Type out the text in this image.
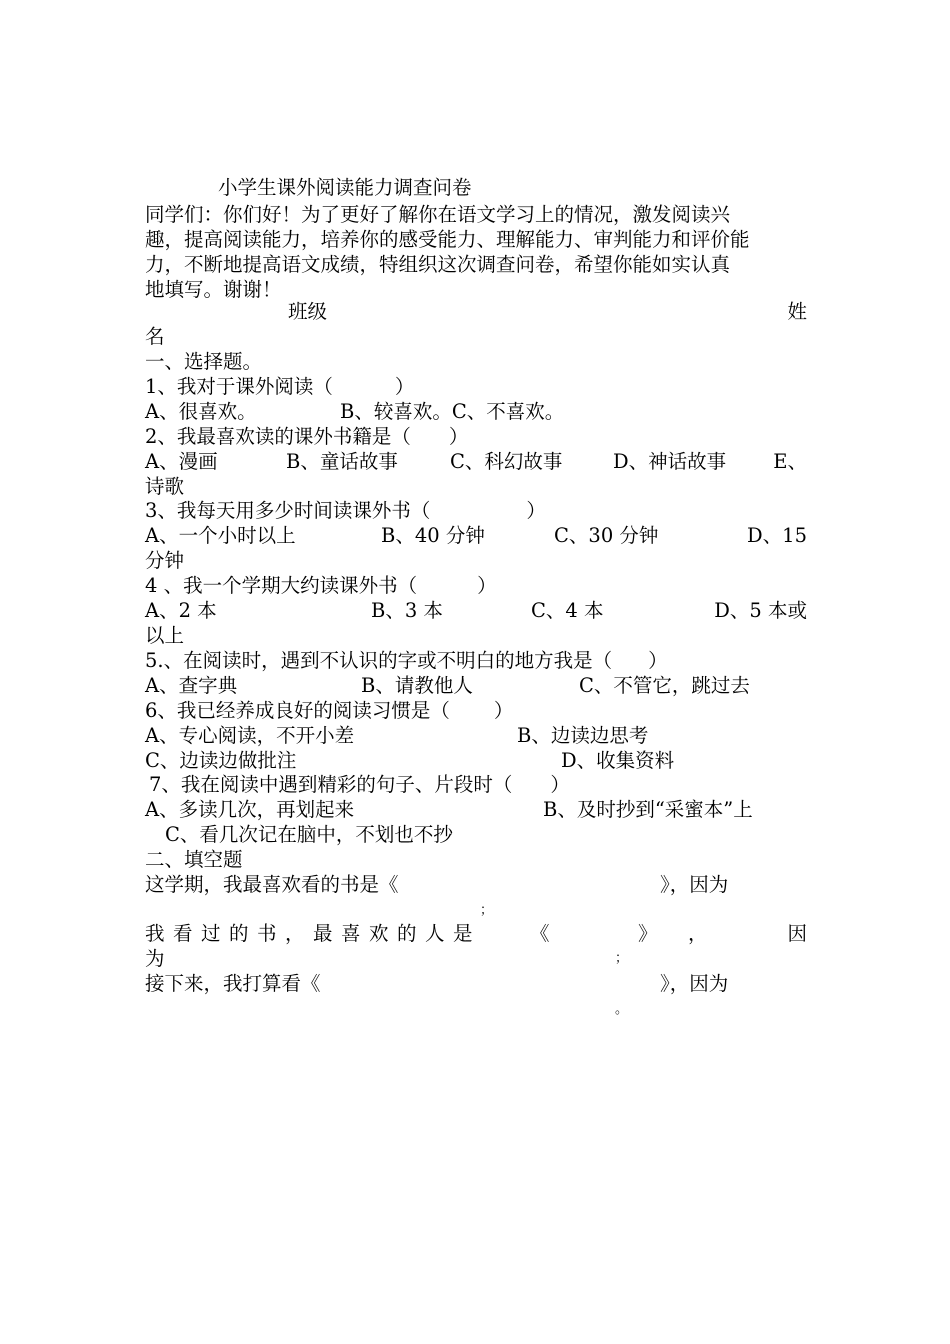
小学生课外阅读能力调查问卷
同学们：你们好！为了更好了解你在语文学习上的情况，激发阅读兴
趣，提高阅读能力，培养你的感受能力、理解能力、审判能力和评价能
力，不断地提高语文成绩，特组织这次调查问卷，希望你能如实认真
地填写。谢谢！
班级	姓
名
一、选择题。
1、我对于课外阅读（	）
A、很喜欢。	B、较喜欢。C、不喜欢。
2、我最喜欢读的课外书籍是（ ）
A、漫画	B、童话故事	C、科幻故事	D、神话故事 E、
诗歌
3、我每天用多少时间读课外书（	）
A、一个小时以上	B、40 分钟	C、30 分钟	D、15
分钟
4 、我一个学期大约读课外书（	）
A、2 本	B、3 本	C、4 本	D、5 本或
以上
5.、在阅读时，遇到不认识的字或不明白的地方我是（ ）
A、查字典	B、请教他人	C、不管它，跳过去
6、我已经养成良好的阅读习惯是（ ）
A、专心阅读，不开小差	B、边读边思考
C、边读边做批注	D、收集资料
7、我在阅读中遇到精彩的句子、片段时（ ）
A、多读几次，再划起来	B、及时抄到“采蜜本”上
C、看几次记在脑中，不划也不抄
二、填空题
这学期，我最喜欢看的书是《	》，因为
；
我 看 过 的 书 ， 最 喜 欢 的 人 是	《	》 ，	因
为	；
接下来，我打算看《	》，因为
。
